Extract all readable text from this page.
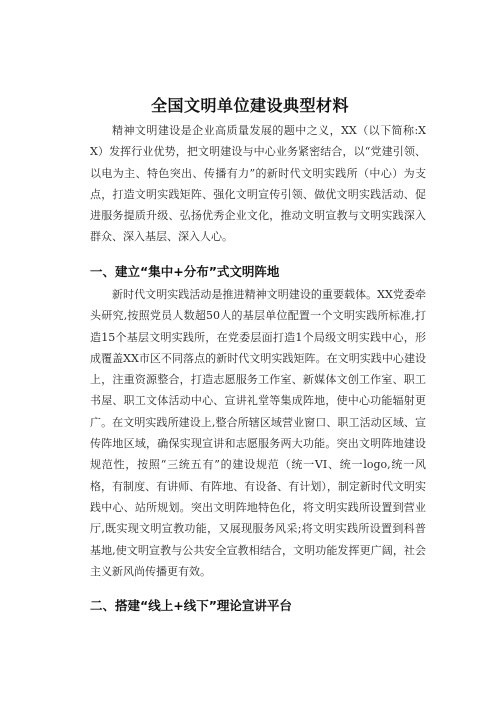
全国文明单位建设典型材料

精神文明建设是企业高质量发展的题中之义，XX（以下简称:XX）发挥行业优势，把文明建设与中心业务紧密结合，以“党建引领、以电为主、特色突出、传播有力”的新时代文明实践所（中心）为支点，打造文明实践矩阵、强化文明宣传引领、做优文明实践活动、促进服务提质升级、弘扬优秀企业文化，推动文明宣教与文明实践深入群众、深入基层、深入人心。

一、建立“集中+分布”式文明阵地

新时代文明实践活动是推进精神文明建设的重要载体。XX党委牵头研究,按照党员人数超50人的基层单位配置一个文明实践所标准,打造15个基层文明实践所，在党委层面打造1个局级文明实践中心，形成覆盖XX市区不同落点的新时代文明实践矩阵。在文明实践中心建设上，注重资源整合，打造志愿服务工作室、新媒体文创工作室、职工书屋、职工文体活动中心、宣讲礼堂等集成阵地，使中心功能辐射更广。在文明实践所建设上,整合所辖区域营业窗口、职工活动区域、宣传阵地区域，确保实现宣讲和志愿服务两大功能。突出文明阵地建设规范性，按照“三统五有”的建设规范（统一VI、统一logo,统一风格，有制度、有讲师、有阵地、有设备、有计划），制定新时代文明实践中心、站所规划。突出文明阵地特色化，将文明实践所设置到营业厅,既实现文明宣教功能，又展现服务风采;将文明实践所设置到科普基地,使文明宣教与公共安全宣教相结合，文明功能发挥更广阔，社会主义新风尚传播更有效。

二、搭建“线上+线下”理论宣讲平台
